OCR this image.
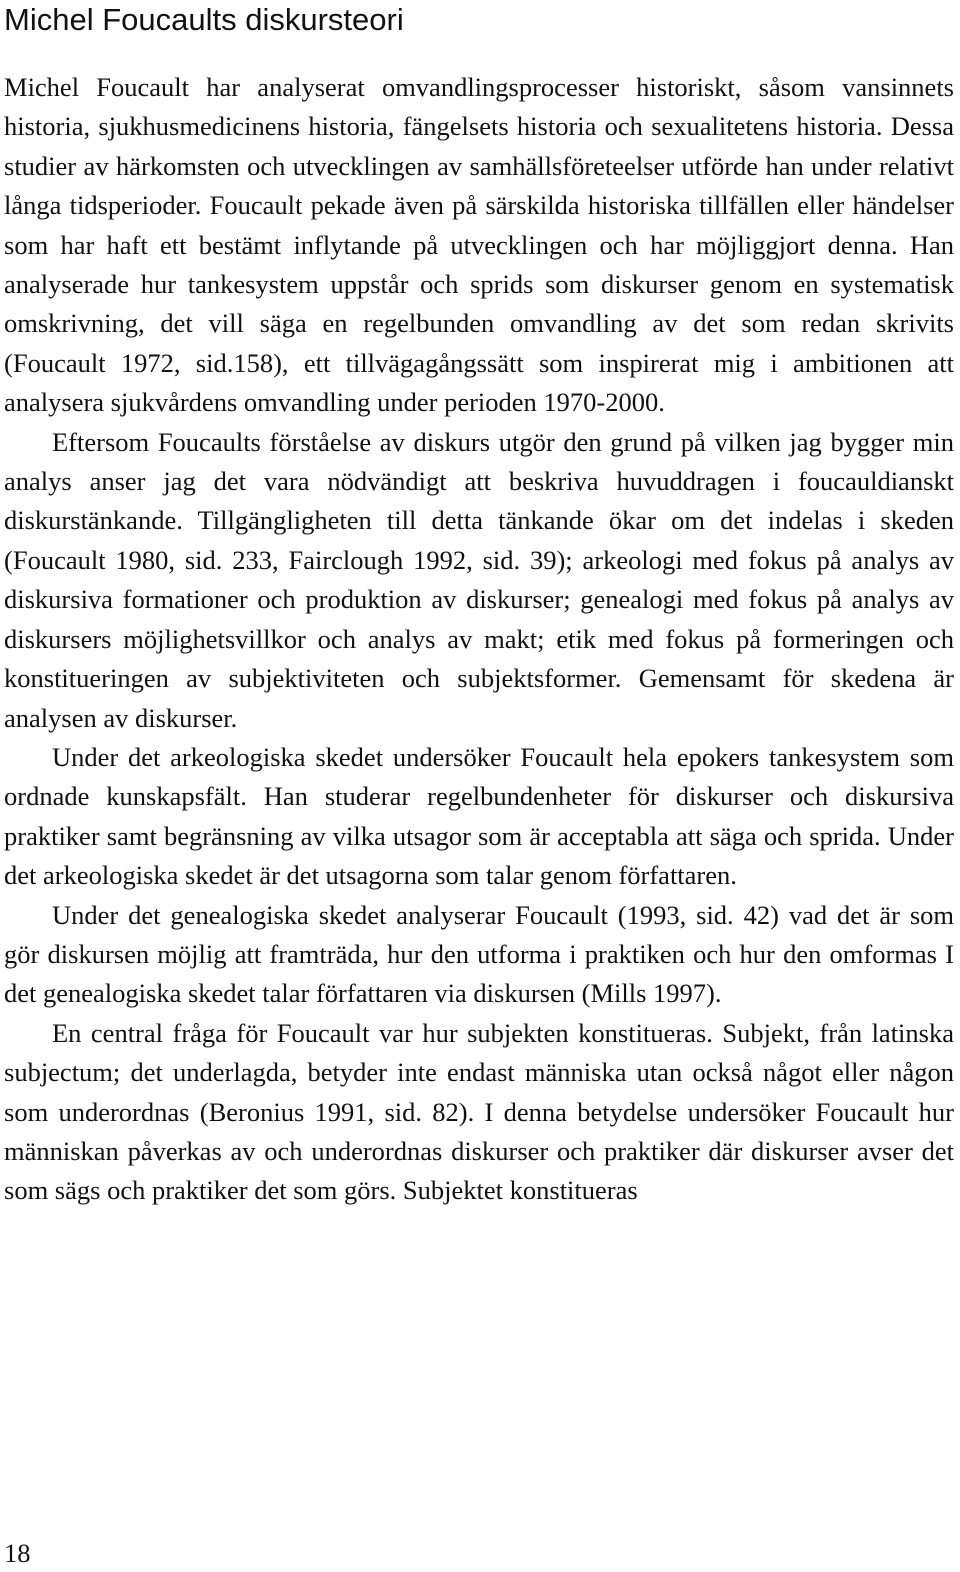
Michel Foucaults diskursteori

Michel Foucault har analyserat omvandlingsprocesser historiskt, såsom vansinnets historia, sjukhusmedicinens historia, fängelsets historia och sexualitetens historia. Dessa studier av härkomsten och utvecklingen av samhällsföreteelser utförde han under relativt långa tidsperioder. Foucault pekade även på särskilda historiska tillfällen eller händelser som har haft ett bestämt inflytande på utvecklingen och har möjliggjort denna. Han analyserade hur tankesystem uppstår och sprids som diskurser genom en systematisk omskrivning, det vill säga en regelbunden omvandling av det som redan skrivits (Foucault 1972, sid.158), ett tillvägagångssätt som inspirerat mig i ambitionen att analysera sjukvårdens omvandling under perioden 1970-2000.

Eftersom Foucaults förståelse av diskurs utgör den grund på vilken jag bygger min analys anser jag det vara nödvändigt att beskriva huvuddragen i foucauldianskt diskurstänkande. Tillgängligheten till detta tänkande ökar om det indelas i skeden (Foucault 1980, sid. 233, Fairclough 1992, sid. 39); arkeologi med fokus på analys av diskursiva formationer och produktion av diskurser; genealogi med fokus på analys av diskursers möjlighetsvillkor och analys av makt; etik med fokus på formeringen och konstitueringen av subjektiviteten och subjektsformer. Gemensamt för skedena är analysen av diskurser.

Under det arkeologiska skedet undersöker Foucault hela epokers tankesystem som ordnade kunskapsfält. Han studerar regelbundenheter för diskurser och diskursiva praktiker samt begränsning av vilka utsagor som är acceptabla att säga och sprida. Under det arkeologiska skedet är det utsagorna som talar genom författaren.

Under det genealogiska skedet analyserar Foucault (1993, sid. 42) vad det är som gör diskursen möjlig att framträda, hur den utforma i praktiken och hur den omformas I det genealogiska skedet talar författaren via diskursen (Mills 1997).

En central fråga för Foucault var hur subjekten konstitueras. Subjekt, från latinska subjectum; det underlagda, betyder inte endast människa utan också något eller någon som underordnas (Beronius 1991, sid. 82). I denna betydelse undersöker Foucault hur människan påverkas av och underordnas diskurser och praktiker där diskurser avser det som sägs och praktiker det som görs. Subjektet konstitueras

18
